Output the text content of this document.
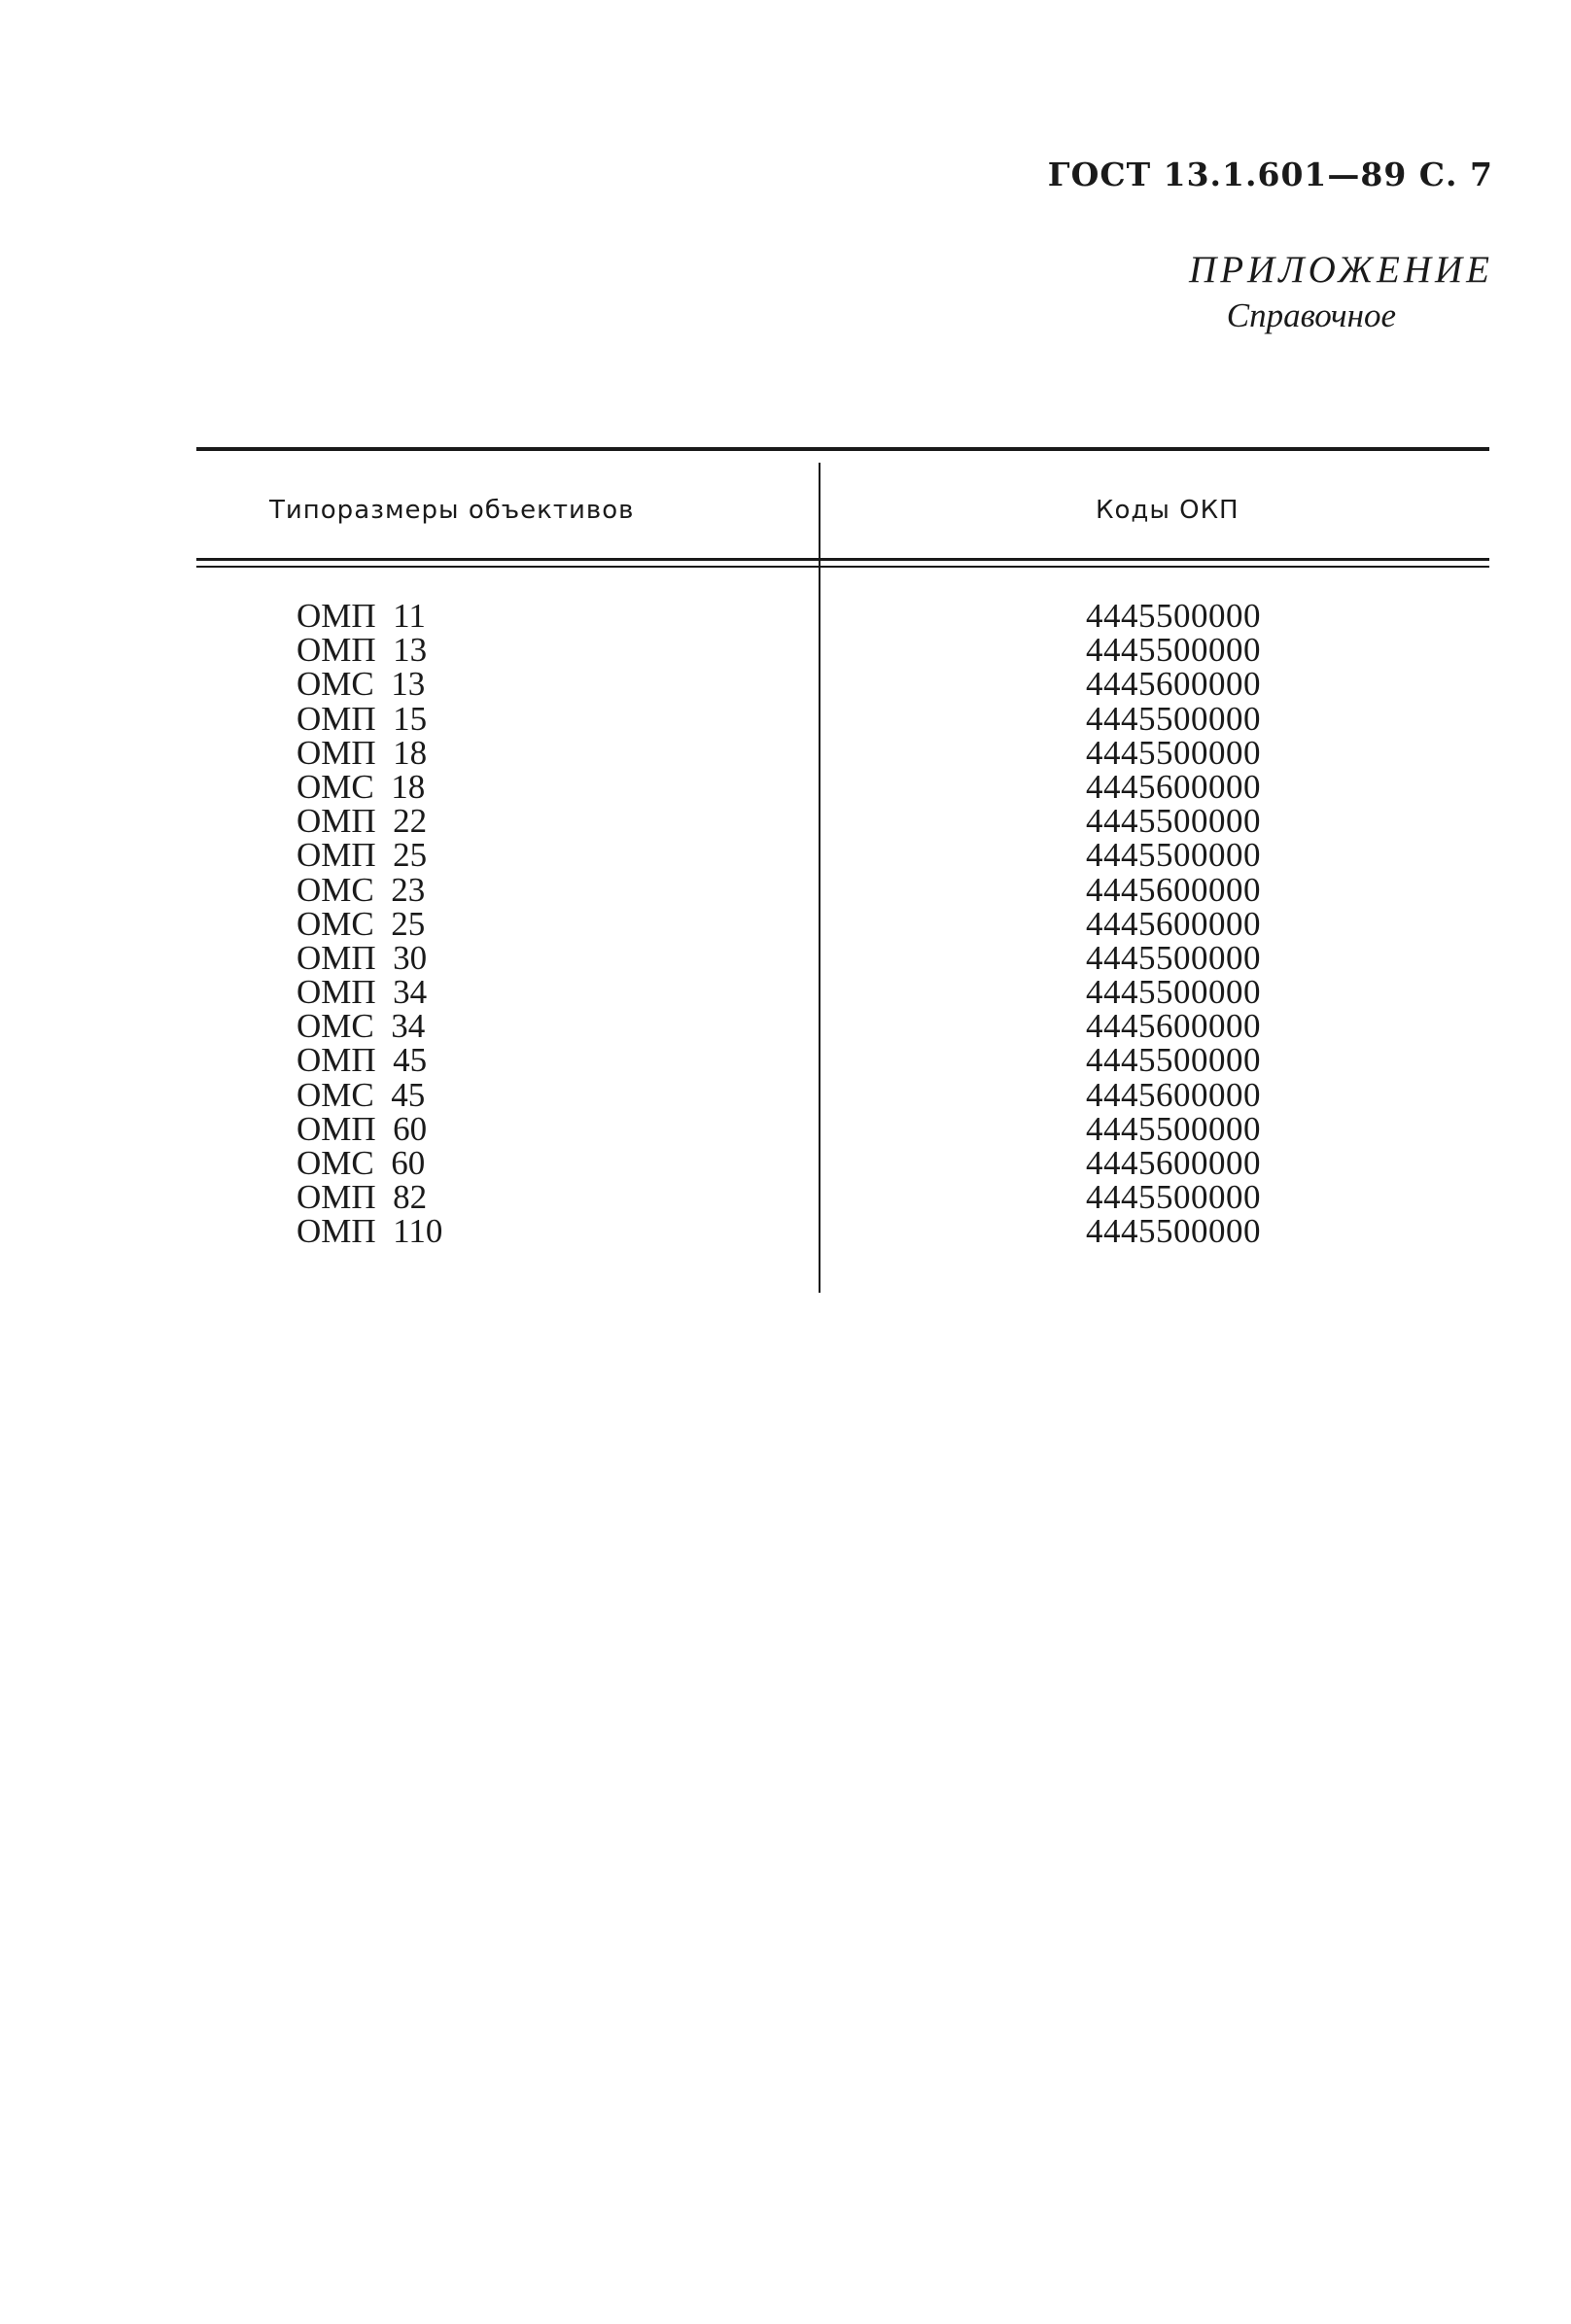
ГОСТ 13.1.601—89 С. 7
ПРИЛОЖЕНИЕ
Справочное
Типоразмеры объективов	Коды ОКП
ОМП  11	4445500000
ОМП  13	4445500000
ОМС  13	4445600000
ОМП  15	4445500000
ОМП  18	4445500000
ОМС  18	4445600000
ОМП  22	4445500000
ОМП  25	4445500000
ОМС  23	4445600000
ОМС  25	4445600000
ОМП  30	4445500000
ОМП  34	4445500000
ОМС  34	4445600000
ОМП  45	4445500000
ОМС  45	4445600000
ОМП  60	4445500000
ОМС  60	4445600000
ОМП  82	4445500000
ОМП  110	4445500000
